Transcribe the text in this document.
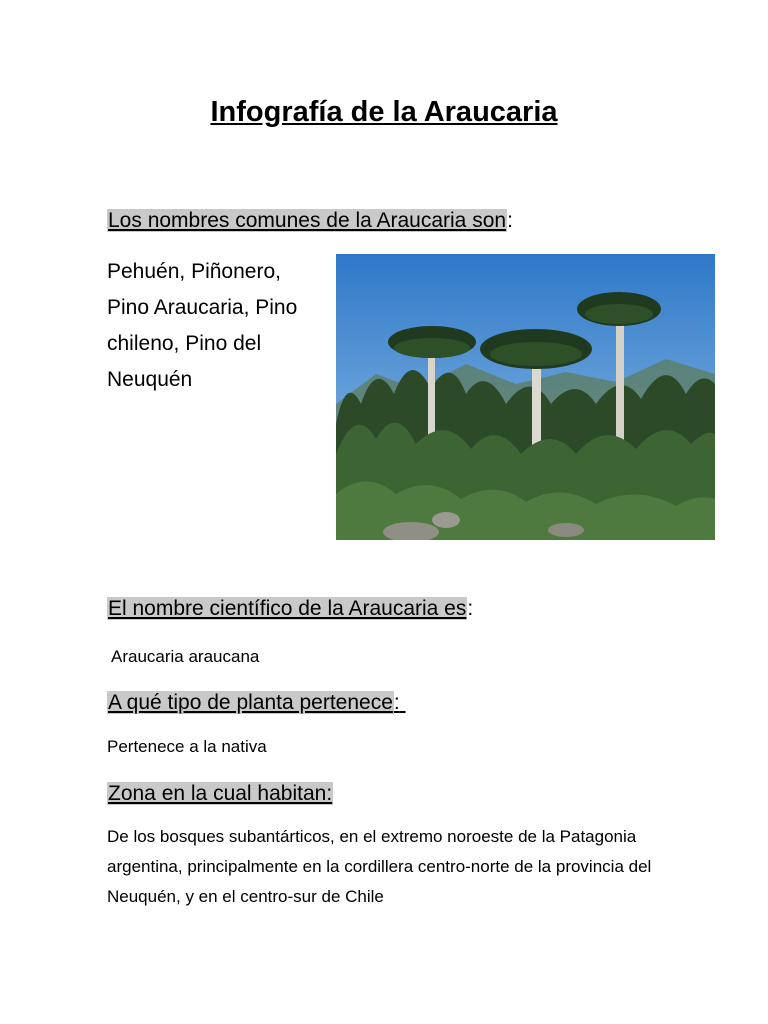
Infografía de la Araucaria
Los nombres comunes de la Araucaria son:
Pehuén, Piñonero, Pino Araucaria, Pino chileno, Pino del Neuquén
El nombre científico de la Araucaria es:
Araucaria araucana
A qué tipo de planta pertenece:
Pertenece a la nativa
Zona en la cual habitan:
De los bosques subantárticos, en el extremo noroeste de la Patagonia argentina, principalmente en la cordillera centro-norte de la provincia del Neuquén, y en el centro-sur de Chile
